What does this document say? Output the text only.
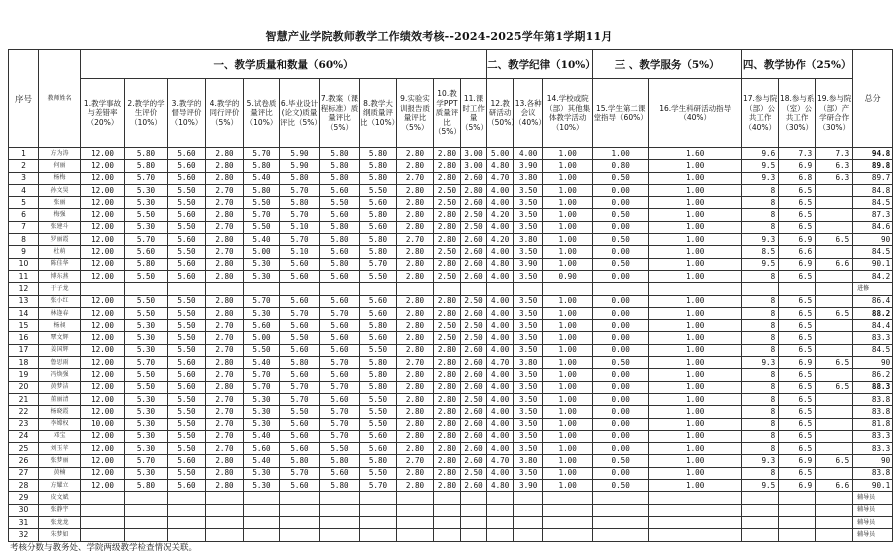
智慧产业学院教师教学工作绩效考核--2024-2025学年第1学期11月
序号	教师姓名	一、教学质量和数量（60%）											二、教学纪律（10%）			三 、教学服务（5%）		四、教学协作（25%）			总分
		1.教学事故与差错率（20%）	2.教学的学生评价（10%）	3.教学的督导评价（10%）	4.教学的同行评价（5%）	5.试卷质量评比（10%）	6.毕业设计(论文)质量评比（5%）	7.教案（课程标准）质量评比（5%）	8.教学大纲质量评比（10%）	9.实验实训报告质量评比（5%）	10.教学PPT质量评比（5%）	11.课时工作量（5%）	12.教研活动（50%）	13.各种会议（40%）	14.学校或院（部）其他集体教学活动（10%）	15.学生第二课堂指导（60%）	16.学生科研活动指导（40%）	17.参与院（部）公共工作（40%）	18.参与系（室）公共工作（30%）	19.参与院（部）产学研合作（30%）	
1	方为涛	12.00	5.80	5.60	2.80	5.70	5.90	5.80	5.80	2.80	2.80	3.00	5.00	4.00	1.00	1.00	1.60	9.6	7.3	7.3	94.8
2	何丽	12.00	5.80	5.60	2.80	5.80	5.90	5.80	5.80	2.80	2.80	3.00	4.80	3.90	1.00	0.80	1.00	9.5	6.9	6.3	89.8
3	杨梅	12.00	5.70	5.60	2.80	5.40	5.80	5.80	5.80	2.70	2.80	2.60	4.70	3.80	1.00	0.50	1.00	9.3	6.8	6.3	89.7
4	孙文昊	12.00	5.30	5.50	2.70	5.80	5.70	5.60	5.50	2.80	2.50	2.80	4.00	3.50	1.00	0.00	1.00	8	6.5		84.8
5	张丽	12.00	5.30	5.50	2.70	5.50	5.80	5.50	5.60	2.80	2.50	2.60	4.00	3.50	1.00	0.00	1.00	8	6.5		84.5
6	梅强	12.00	5.50	5.60	2.80	5.70	5.70	5.60	5.80	2.80	2.80	2.50	4.20	3.50	1.00	0.50	1.00	8	6.5		87.3
7	张建斗	12.00	5.30	5.50	2.70	5.50	5.10	5.80	5.60	2.80	2.80	2.50	4.00	3.50	1.00	0.00	1.00	8	6.5		84.6
8	罗丽霞	12.00	5.70	5.60	2.80	5.40	5.70	5.80	5.80	2.70	2.80	2.60	4.20	3.80	1.00	0.50	1.00	9.3	6.9	6.5	90
9	杜萌	12.00	5.60	5.50	2.70	5.00	5.10	5.60	5.80	2.80	2.50	2.60	4.00	3.50	1.00	0.00	1.00	8.5	6.6		84.5
10	陈佳华	12.00	5.80	5.60	2.80	5.30	5.60	5.80	5.70	2.80	2.80	2.60	4.80	3.90	1.00	0.50	1.00	9.5	6.9	6.6	90.1
11	博东燕	12.00	5.50	5.60	2.80	5.30	5.60	5.60	5.50	2.80	2.50	2.60	4.00	3.50	0.90	0.00	1.00	8	6.5		84.2
12	于子龙																				进修
13	张小红	12.00	5.50	5.50	2.80	5.70	5.60	5.60	5.60	2.80	2.80	2.50	4.00	3.50	1.00	0.00	1.00	8	6.5		86.4
14	林逢春	12.00	5.50	5.50	2.80	5.30	5.70	5.70	5.60	2.80	2.80	2.60	4.00	3.50	1.00	0.00	1.00	8	6.5	6.5	88.2
15	杨昶	12.00	5.30	5.50	2.70	5.60	5.60	5.60	5.80	2.80	2.50	2.50	4.00	3.50	1.00	0.00	1.00	8	6.5		84.4
16	覃文辉	12.00	5.30	5.50	2.70	5.00	5.50	5.60	5.60	2.80	2.50	2.50	4.00	3.50	1.00	0.00	1.00	8	6.5		83.3
17	姜国辉	12.00	5.30	5.50	2.70	5.50	5.60	5.60	5.50	2.80	2.80	2.60	4.00	3.50	1.00	0.00	1.00	8	6.5		84.5
18	鲁思雨	12.00	5.70	5.60	2.80	5.40	5.80	5.70	5.80	2.70	2.80	2.60	4.70	3.80	1.00	0.50	1.00	9.3	6.9	6.5	90
19	冯焕强	12.00	5.50	5.60	2.70	5.70	5.60	5.60	5.80	2.80	2.80	2.60	4.00	3.50	1.00	0.00	1.00	8	6.5		86.2
20	黄梦洁	12.00	5.50	5.60	2.80	5.70	5.70	5.70	5.80	2.80	2.80	2.60	4.00	3.50	1.00	0.00	1.00	8	6.5	6.5	88.3
21	董丽清	12.00	5.30	5.50	2.70	5.30	5.70	5.60	5.50	2.80	2.80	2.50	4.00	3.50	1.00	0.00	1.00	8	6.5		83.8
22	杨晓霞	12.00	5.30	5.50	2.70	5.30	5.50	5.70	5.50	2.80	2.80	2.60	4.00	3.50	1.00	0.00	1.00	8	6.5		83.8
23	李嫦权	10.00	5.30	5.50	2.70	5.30	5.60	5.70	5.50	2.80	2.80	2.60	4.00	3.50	1.00	0.00	1.00	8	6.5		81.8
24	邓宝	12.00	5.30	5.50	2.70	5.40	5.60	5.70	5.60	2.80	2.80	2.60	4.00	3.50	1.00	0.00	1.00	8	6.5		83.3
25	刘玉苹	12.00	5.30	5.50	2.70	5.60	5.60	5.50	5.60	2.80	2.80	2.60	4.00	3.50	1.00	0.00	1.00	8	6.5		83.3
26	张梦丽	12.00	5.70	5.60	2.80	5.40	5.80	5.80	5.80	2.70	2.80	2.60	4.70	3.80	1.00	0.50	1.00	9.3	6.9	6.5	90
27	黄楠	12.00	5.30	5.50	2.80	5.30	5.70	5.60	5.50	2.80	2.80	2.50	4.00	3.50	1.00	0.00	1.00	8	6.5		83.8
28	方耀立	12.00	5.80	5.60	2.80	5.30	5.60	5.80	5.70	2.80	2.80	2.60	4.80	3.90	1.00	0.50	1.00	9.5	6.9	6.6	90.1
29	皮文斌																				辅导员
30	张静宇																				辅导员
31	张龙龙																				辅导员
32	朱梦如																				辅导员
考核分数与教务处、学院两级教学检查情况关联。
